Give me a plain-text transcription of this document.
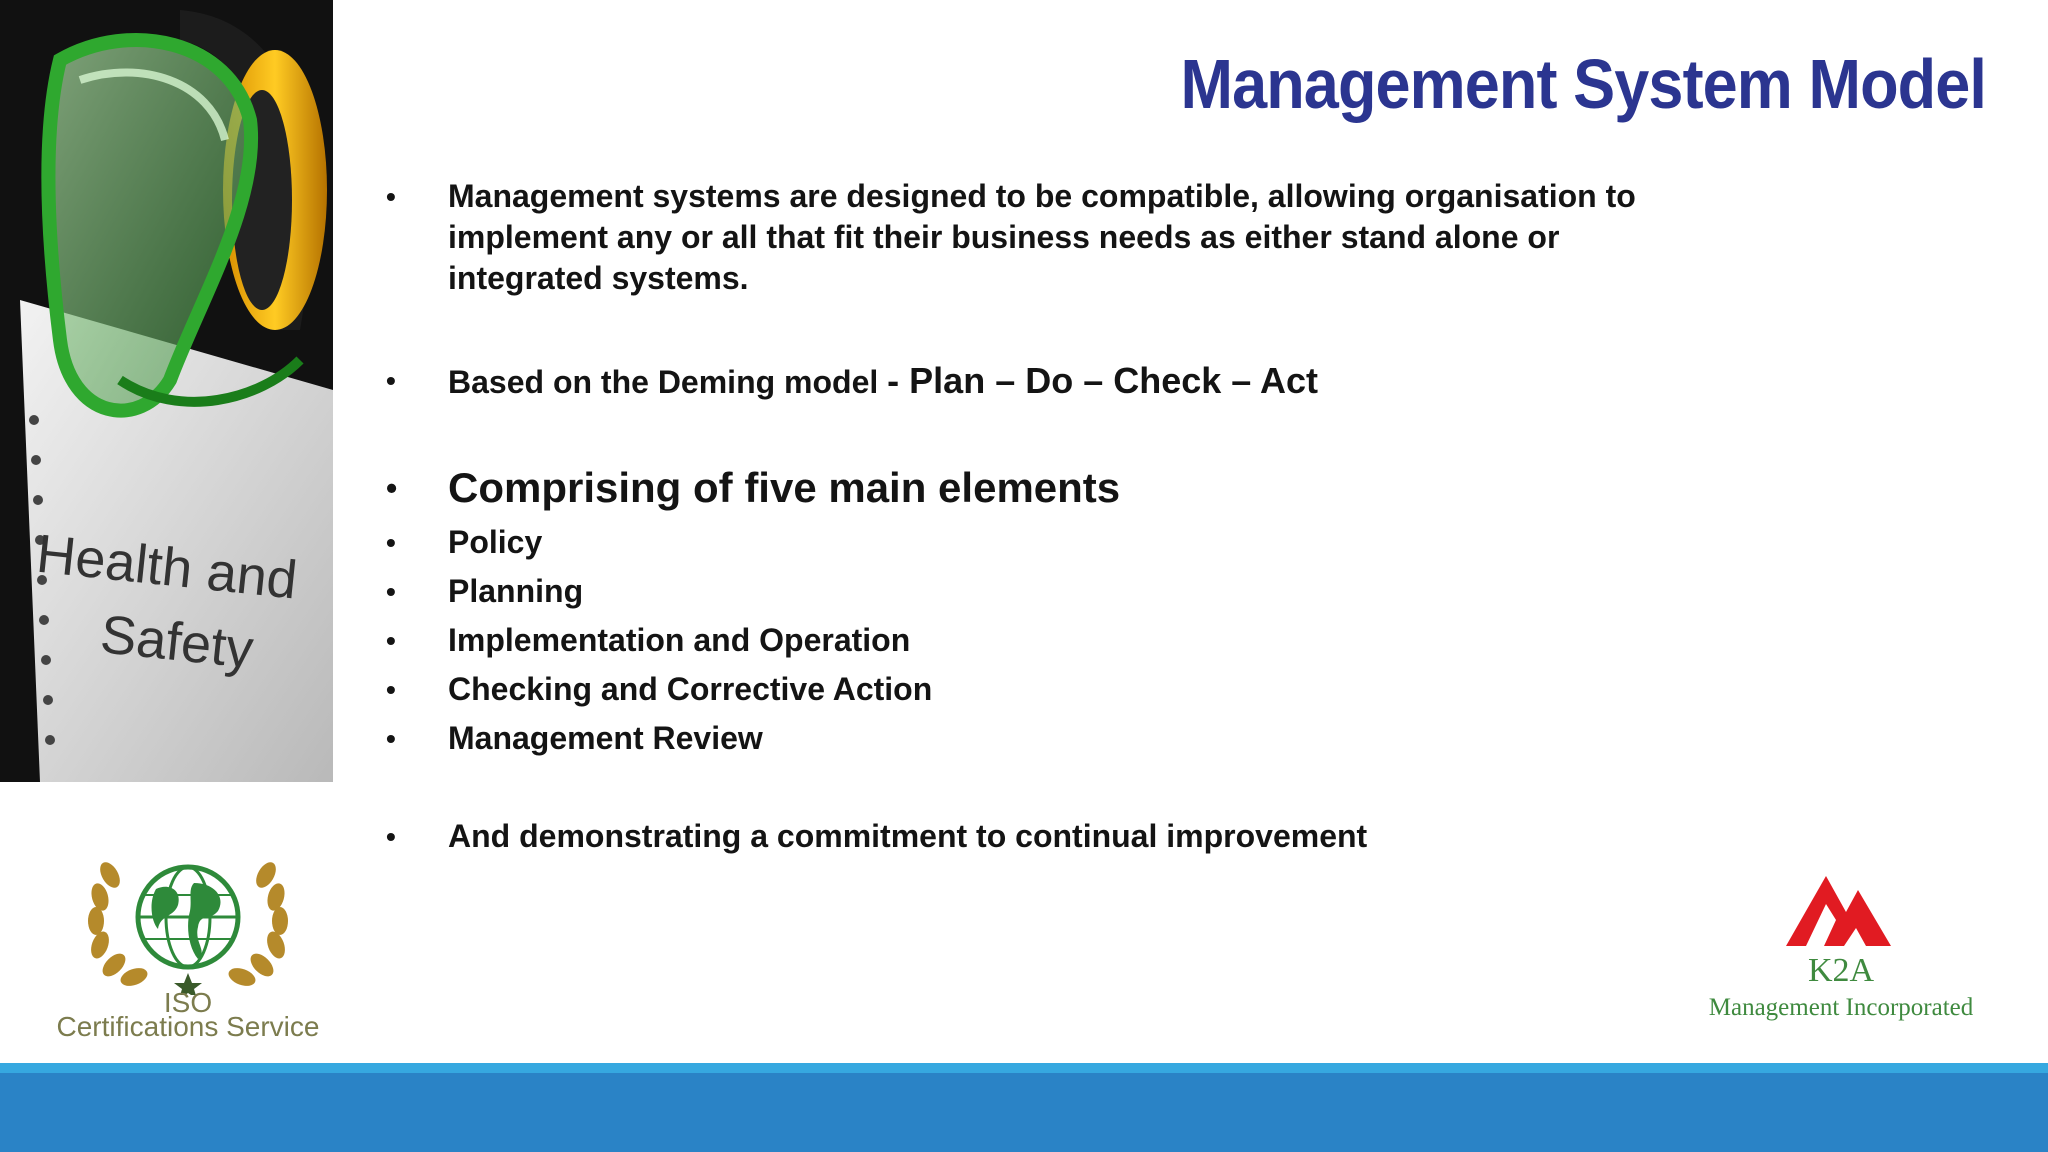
Health and
Safety
Management System Model
•	Management systems are designed to be compatible, allowing organisation to implement any or all that fit their business needs as either stand alone or integrated systems.
•	Based on the Deming model - Plan – Do – Check – Act
•	Comprising of five main elements
•	Policy
•	Planning
•	Implementation and Operation
•	Checking and Corrective Action
•	Management Review
•	And demonstrating a commitment to continual improvement
ISO
Certifications Service
K2A
Management Incorporated
